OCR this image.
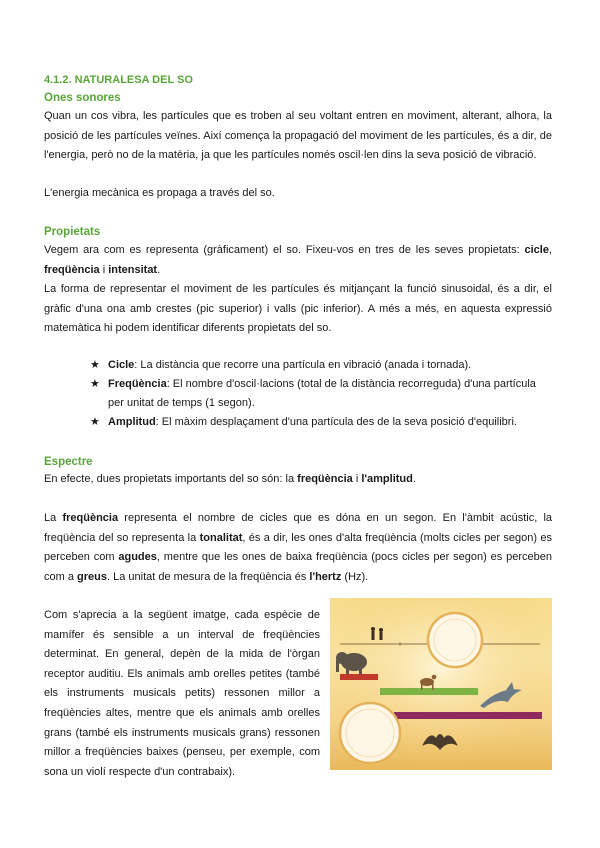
4.1.2. NATURALESA DEL SO
Ones sonores

Quan un cos vibra, les partícules que es troben al seu voltant entren en moviment, alterant, alhora, la posició de les partícules veïnes. Així comença la propagació del moviment de les partícules, és a dir, de l'energia, però no de la matèria, ja que les partícules només oscil·len dins la seva posició de vibració.

L'energia mecànica es propaga a través del so.

Propietats

Vegem ara com es representa (gràficament) el so. Fixeu-vos en tres de les seves propietats: cicle, freqüència i intensitat.

La forma de representar el moviment de les partícules és mitjançant la funció sinusoidal, és a dir, el gràfic d'una ona amb crestes (pic superior) i valls (pic inferior). A més a més, en aquesta expressió matemàtica hi podem identificar diferents propietats del so.

★ Cicle: La distància que recorre una partícula en vibració (anada i tornada).
★ Freqüència: El nombre d'oscil·lacions (total de la distància recorreguda) d'una partícula per unitat de temps (1 segon).
★ Amplitud: El màxim desplaçament d'una partícula des de la seva posició d'equilibri.
Espectre

En efecte, dues propietats importants del so són: la freqüència i l'amplitud.

La freqüència representa el nombre de cicles que es dóna en un segon. En l'àmbit acústic, la freqüència del so representa la tonalitat, és a dir, les ones d'alta freqüència (molts cicles per segon) es perceben com agudes, mentre que les ones de baixa freqüència (pocs cicles per segon) es perceben com a greus. La unitat de mesura de la freqüència és l'hertz (Hz).

Com s'aprecia a la següent imatge, cada espècie de mamífer és sensible a un interval de freqüències determinat. En general, depèn de la mida de l'òrgan receptor auditiu. Els animals amb orelles petites (també els instruments musicals petits) ressonen millor a freqüències altes, mentre que els animals amb orelles grans (també els instruments musicals grans) ressonen millor a freqüències baixes (penseu, per exemple, com sona un violí respecte d'un contrabaix).
